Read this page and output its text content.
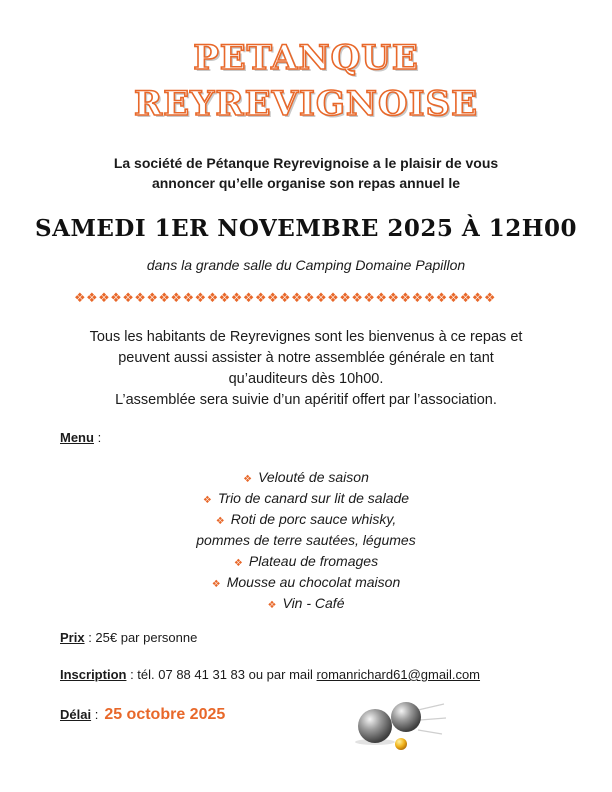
PETANQUE
REYREVIGNOISE
La société de Pétanque Reyrevignoise a le plaisir de vous
annoncer qu’elle organise son repas annuel le
SAMEDI 1ER NOVEMBRE 2025 À 12H00
dans la grande salle du Camping Domaine Papillon
❖❖❖❖❖❖❖❖❖❖❖❖❖❖❖❖❖❖❖❖❖❖❖❖❖❖❖❖❖❖❖❖❖❖❖
Tous les habitants de Reyrevignes sont les bienvenus à ce repas et
peuvent aussi assister à notre assemblée générale en tant
qu’auditeurs dès 10h00.
L’assemblée sera suivie d’un apéritif offert par l’association.
Menu :
❖ Velouté de saison
❖ Trio de canard sur lit de salade
❖ Roti de porc sauce whisky,
pommes de terre sautées, légumes
❖ Plateau de fromages
❖ Mousse au chocolat maison
❖ Vin - Café
Prix : 25€ par personne
Inscription : tél. 07 88 41 31 83 ou par mail romanrichard61@gmail.com
Délai : 25 octobre 2025
